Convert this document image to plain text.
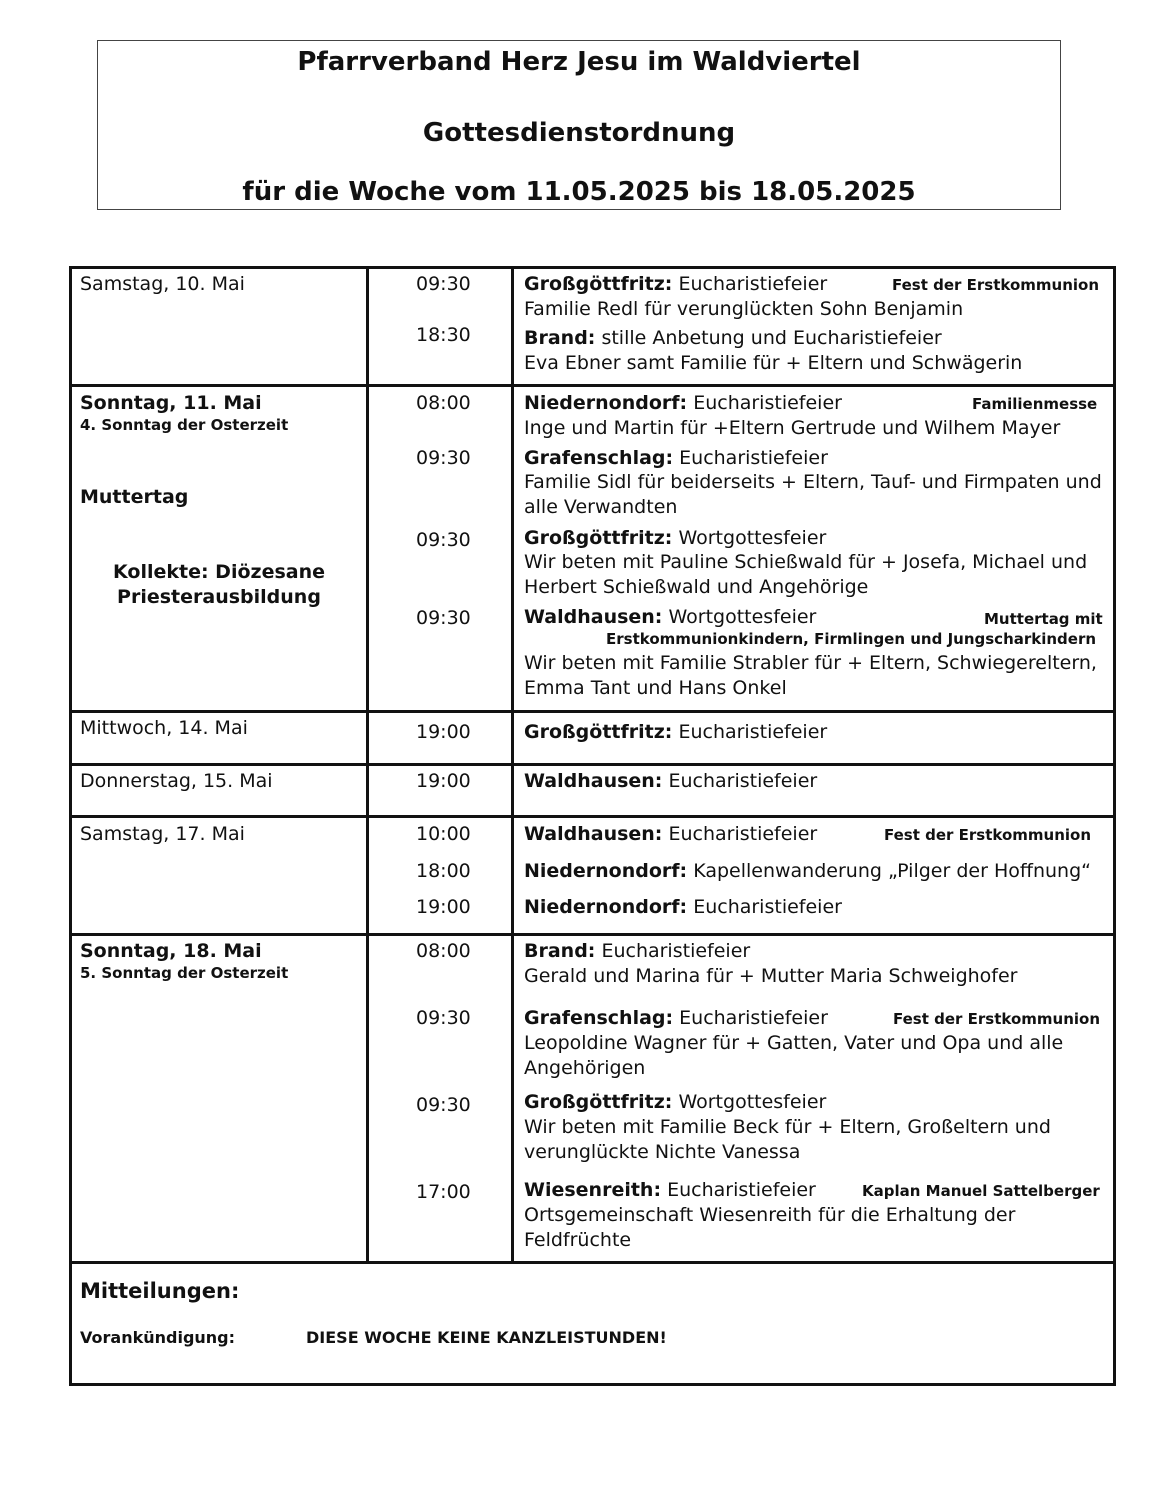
Pfarrverband Herz Jesu im Waldviertel
Gottesdienstordnung
für die Woche vom 11.05.2025 bis 18.05.2025
Samstag, 10. Mai	09:30	Großgöttfritz: Eucharistiefeier	Fest der Erstkommunion
Familie Redl für verunglückten Sohn Benjamin
18:30	Brand: stille Anbetung und Eucharistiefeier
Eva Ebner samt Familie für + Eltern und Schwägerin
Sonntag, 11. Mai
4. Sonntag der Osterzeit
Muttertag
Kollekte: Diözesane
Priesterausbildung
08:00	Niedernondorf: Eucharistiefeier	Familienmesse
Inge und Martin für +Eltern Gertrude und Wilhem Mayer
09:30	Grafenschlag: Eucharistiefeier
Familie Sidl für beiderseits + Eltern, Tauf- und Firmpaten und
alle Verwandten
09:30	Großgöttfritz: Wortgottesfeier
Wir beten mit Pauline Schießwald für + Josefa, Michael und
Herbert Schießwald und Angehörige
09:30	Waldhausen: Wortgottesfeier	Muttertag mit
Erstkommunionkindern, Firmlingen und Jungscharkindern
Wir beten mit Familie Strabler für + Eltern, Schwiegereltern,
Emma Tant und Hans Onkel
Mittwoch, 14. Mai	19:00	Großgöttfritz: Eucharistiefeier
Donnerstag, 15. Mai	19:00	Waldhausen: Eucharistiefeier
Samstag, 17. Mai	10:00	Waldhausen: Eucharistiefeier	Fest der Erstkommunion
18:00	Niedernondorf: Kapellenwanderung „Pilger der Hoffnung“
19:00	Niedernondorf: Eucharistiefeier
Sonntag, 18. Mai
5. Sonntag der Osterzeit
08:00	Brand: Eucharistiefeier
Gerald und Marina für + Mutter Maria Schweighofer
09:30	Grafenschlag: Eucharistiefeier	Fest der Erstkommunion
Leopoldine Wagner für + Gatten, Vater und Opa und alle
Angehörigen
09:30	Großgöttfritz: Wortgottesfeier
Wir beten mit Familie Beck für + Eltern, Großeltern und
verunglückte Nichte Vanessa
17:00	Wiesenreith: Eucharistiefeier	Kaplan Manuel Sattelberger
Ortsgemeinschaft Wiesenreith für die Erhaltung der
Feldfrüchte
Mitteilungen:
Vorankündigung:	DIESE WOCHE KEINE KANZLEISTUNDEN!
